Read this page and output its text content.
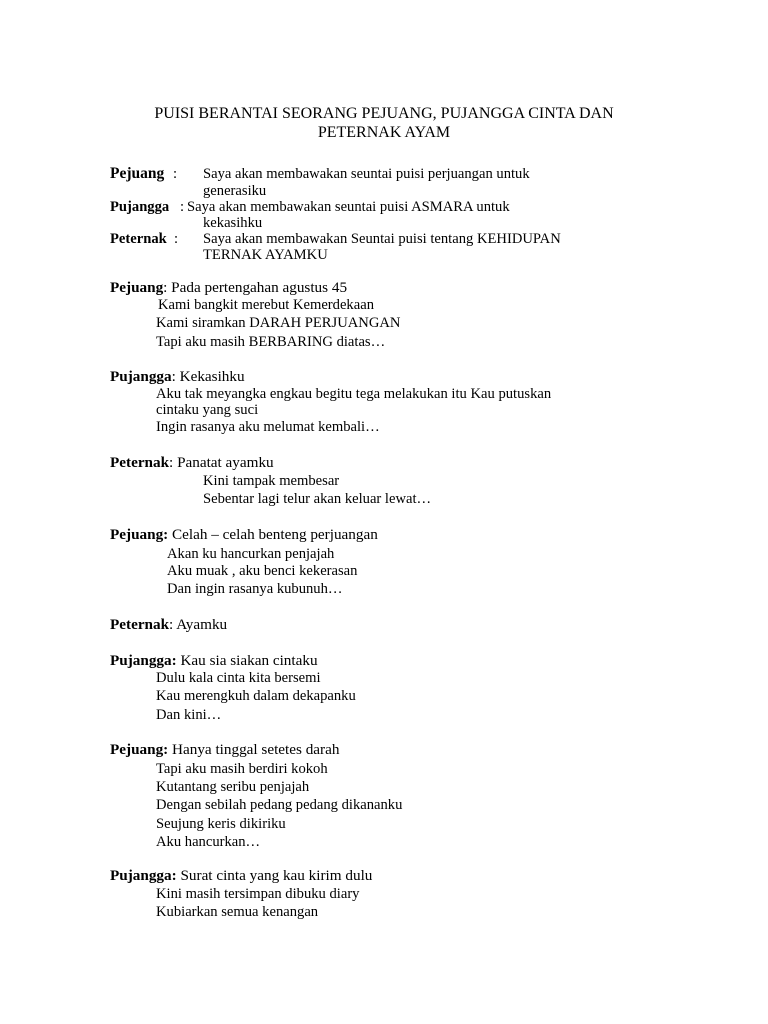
PUISI BERANTAI SEORANG PEJUANG, PUJANGGA CINTA DAN
PETERNAK AYAM
Pejuang : Saya akan membawakan seuntai puisi perjuangan untuk
generasiku
Pujangga : Saya akan membawakan seuntai puisi ASMARA untuk
kekasihku
Peternak : Saya akan membawakan Seuntai puisi tentang KEHIDUPAN
TERNAK AYAMKU
Pejuang: Pada pertengahan agustus 45
Kami bangkit merebut Kemerdekaan
Kami siramkan DARAH PERJUANGAN
Tapi aku masih BERBARING diatas…
Pujangga: Kekasihku
Aku tak meyangka engkau begitu tega melakukan itu Kau putuskan
cintaku yang suci
Ingin rasanya aku melumat kembali…
Peternak: Panatat ayamku
Kini tampak membesar
Sebentar lagi telur akan keluar lewat…
Pejuang: Celah – celah benteng perjuangan
Akan ku hancurkan penjajah
Aku muak , aku benci kekerasan
Dan ingin rasanya kubunuh…
Peternak: Ayamku
Pujangga: Kau sia siakan cintaku
Dulu kala cinta kita bersemi
Kau merengkuh dalam dekapanku
Dan kini…
Pejuang: Hanya tinggal setetes darah
Tapi aku masih berdiri kokoh
Kutantang seribu penjajah
Dengan sebilah pedang pedang dikananku
Seujung keris dikiriku
Aku hancurkan…
Pujangga: Surat cinta yang kau kirim dulu
Kini masih tersimpan dibuku diary
Kubiarkan semua kenangan
